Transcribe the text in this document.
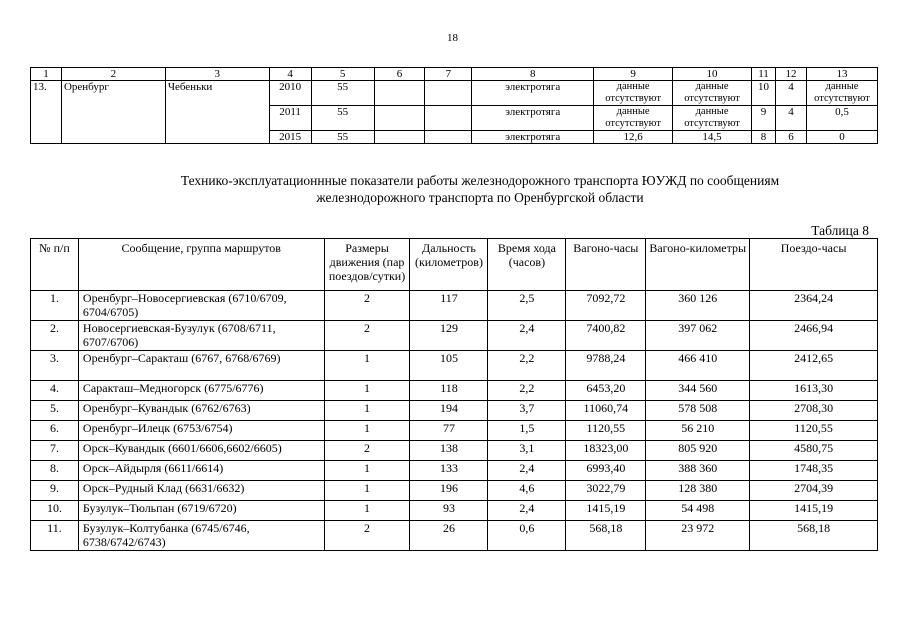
18
1	2	3	4	5	6	7	8	9	10	11	12	13
13.	Оренбург	Чебеньки	2010	55			электротяга	данные отсутствуют	данные отсутствуют	10	4	данные отсутствуют
			2011	55			электротяга	данные отсутствуют	данные отсутствуют	9	4	0,5
			2015	55			электротяга	12,6	14,5	8	6	0
Технико-эксплуатационнные показатели работы железнодорожного транспорта ЮУЖД по сообщениям
железнодорожного транспорта по Оренбургской области
Таблица 8
№ п/п	Сообщение, группа маршрутов	Размеры движения (пар поездов/сутки)	Дальность (километров)	Время хода (часов)	Вагоно-часы	Вагоно-километры	Поездо-часы
1.	Оренбург–Новосергиевская (6710/6709, 6704/6705)	2	117	2,5	7092,72	360 126	2364,24
2.	Новосергиевская-Бузулук (6708/6711, 6707/6706)	2	129	2,4	7400,82	397 062	2466,94
3.	Оренбург–Саракташ (6767, 6768/6769)	1	105	2,2	9788,24	466 410	2412,65
4.	Саракташ–Медногорск (6775/6776)	1	118	2,2	6453,20	344 560	1613,30
5.	Оренбург–Кувандык (6762/6763)	1	194	3,7	11060,74	578 508	2708,30
6.	Оренбург–Илецк (6753/6754)	1	77	1,5	1120,55	56 210	1120,55
7.	Орск–Кувандык (6601/6606,6602/6605)	2	138	3,1	18323,00	805 920	4580,75
8.	Орск–Айдырля (6611/6614)	1	133	2,4	6993,40	388 360	1748,35
9.	Орск–Рудный Клад (6631/6632)	1	196	4,6	3022,79	128 380	2704,39
10.	Бузулук–Тюльпан (6719/6720)	1	93	2,4	1415,19	54 498	1415,19
11.	Бузулук–Колтубанка (6745/6746, 6738/6742/6743)	2	26	0,6	568,18	23 972	568,18
